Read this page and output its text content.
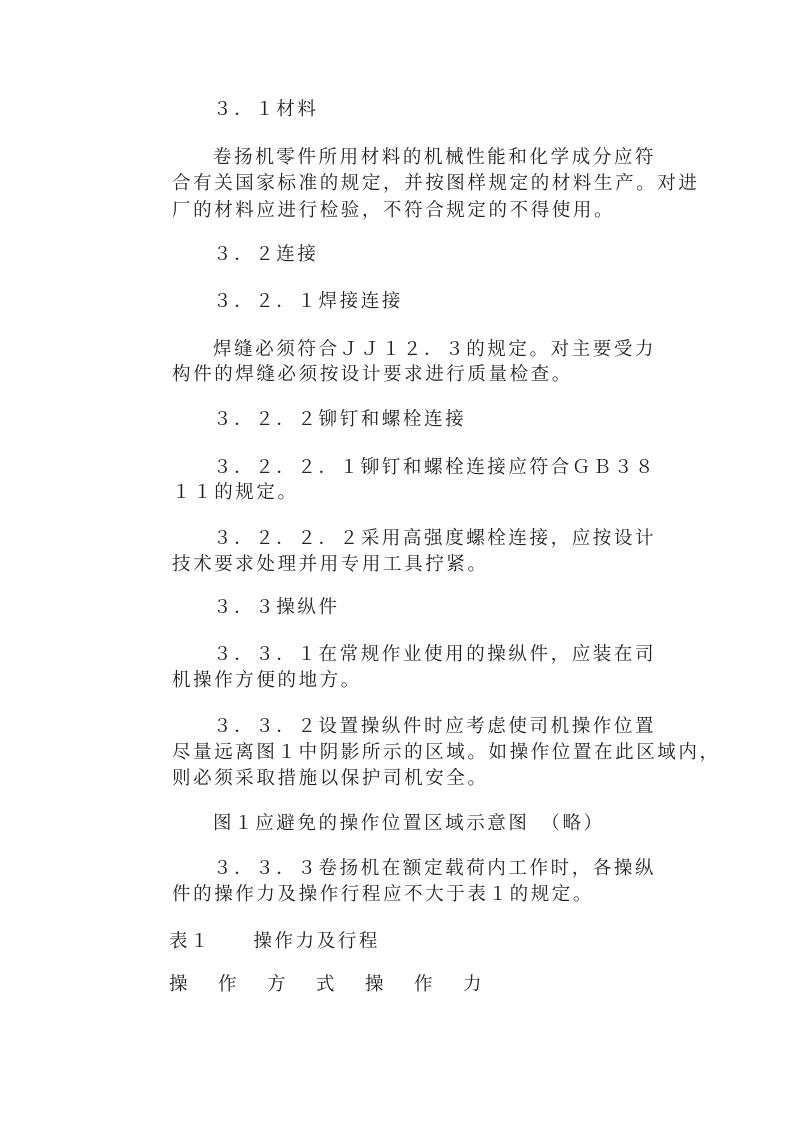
３．１材料
卷扬机零件所用材料的机械性能和化学成分应符
合有关国家标准的规定，并按图样规定的材料生产。对进
厂的材料应进行检验，不符合规定的不得使用。
３．２连接
３．２．１焊接连接
焊缝必须符合ＪＪ１２．３的规定。对主要受力
构件的焊缝必须按设计要求进行质量检查。
３．２．２铆钉和螺栓连接
３．２．２．１铆钉和螺栓连接应符合ＧＢ３８
１１的规定。
３．２．２．２采用高强度螺栓连接，应按设计
技术要求处理并用专用工具拧紧。
３．３操纵件
３．３．１在常规作业使用的操纵件，应装在司
机操作方便的地方。
３．３．２设置操纵件时应考虑使司机操作位置
尽量远离图１中阴影所示的区域。如操作位置在此区域内，
则必须采取措施以保护司机安全。
图１应避免的操作位置区域示意图　（略）
３．３．３卷扬机在额定载荷内工作时，各操纵
件的操作力及操作行程应不大于表１的规定。
表１　　操作力及行程
操　作　方　式　操　作　力
